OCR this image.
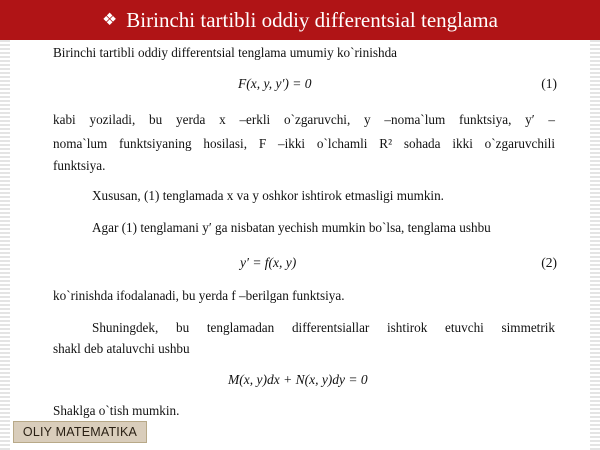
❖ Birinchi tartibli oddiy differentsial tenglama
Birinchi tartibli oddiy differentsial tenglama umumiy ko`rinishda
F(x, y, y′) = 0	(1)
kabi yoziladi, bu yerda x –erkli o`zgaruvchi, y –noma`lum funktsiya, y′ –
noma`lum funktsiyaning hosilasi, F –ikki o`lchamli R² sohada ikki o`zgaruvchili
funktsiya.
Xususan, (1) tenglamada x va y oshkor ishtirok etmasligi mumkin.
Agar (1) tenglamani y′ ga nisbatan yechish mumkin bo`lsa, tenglama ushbu
y′ = f(x, y)	(2)
ko`rinishda ifodalanadi, bu yerda f –berilgan funktsiya.
Shuningdek, bu tenglamadan differentsiallar ishtirok etuvchi simmetrik
shakl deb ataluvchi ushbu
M(x, y)dx + N(x, y)dy = 0
Shaklga o`tish mumkin.
OLIY MATEMATIKA
